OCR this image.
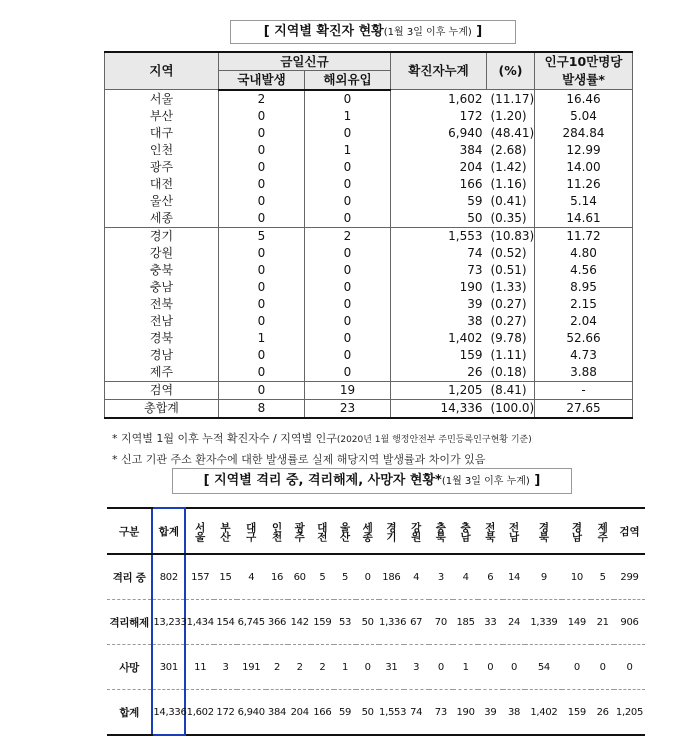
[ 지역별 확진자 현황(1월 3일 이후 누계) ]
지역	금일신규		확진자누계	(%)	인구10만명당
발생률*

	국내발생	해외유입			
서울	2	0	1,602	(11.17)	16.46
부산	0	1	172	(1.20)	5.04
대구	0	0	6,940	(48.41)	284.84
인천	0	1	384	(2.68)	12.99
광주	0	0	204	(1.42)	14.00
대전	0	0	166	(1.16)	11.26
울산	0	0	59	(0.41)	5.14
세종	0	0	50	(0.35)	14.61
경기	5	2	1,553	(10.83)	11.72
강원	0	0	74	(0.52)	4.80
충북	0	0	73	(0.51)	4.56
충남	0	0	190	(1.33)	8.95
전북	0	0	39	(0.27)	2.15
전남	0	0	38	(0.27)	2.04
경북	1	0	1,402	(9.78)	52.66
경남	0	0	159	(1.11)	4.73
제주	0	0	26	(0.18)	3.88
검역	0	19	1,205	(8.41)	-
총합계	8	23	14,336	(100.0)	27.65
* 지역별 1월 이후 누적 확진자수 / 지역별 인구(2020년 1월 행정안전부 주민등록인구현황 기준)
* 신고 기관 주소 환자수에 대한 발생률로 실제 해당지역 발생률과 차이가 있음
[ 지역별 격리 중, 격리해제, 사망자 현황*(1월 3일 이후 누계) ]
구분	합계	서울	부산	대구	인천	광주	대전	울산	세종	경기	강원	충북	충남	전북	전남	경북	경남	제주	검역
격리 중	802	157	15	4	16	60	5	5	0	186	4	3	4	6	14	9	10	5	299
격리해제	13,233	1,434	154	6,745	366	142	159	53	50	1,336	67	70	185	33	24	1,339	149	21	906
사망	301	11	3	191	2	2	2	1	0	31	3	0	1	0	0	54	0	0	0
합계	14,336	1,602	172	6,940	384	204	166	59	50	1,553	74	73	190	39	38	1,402	159	26	1,205
